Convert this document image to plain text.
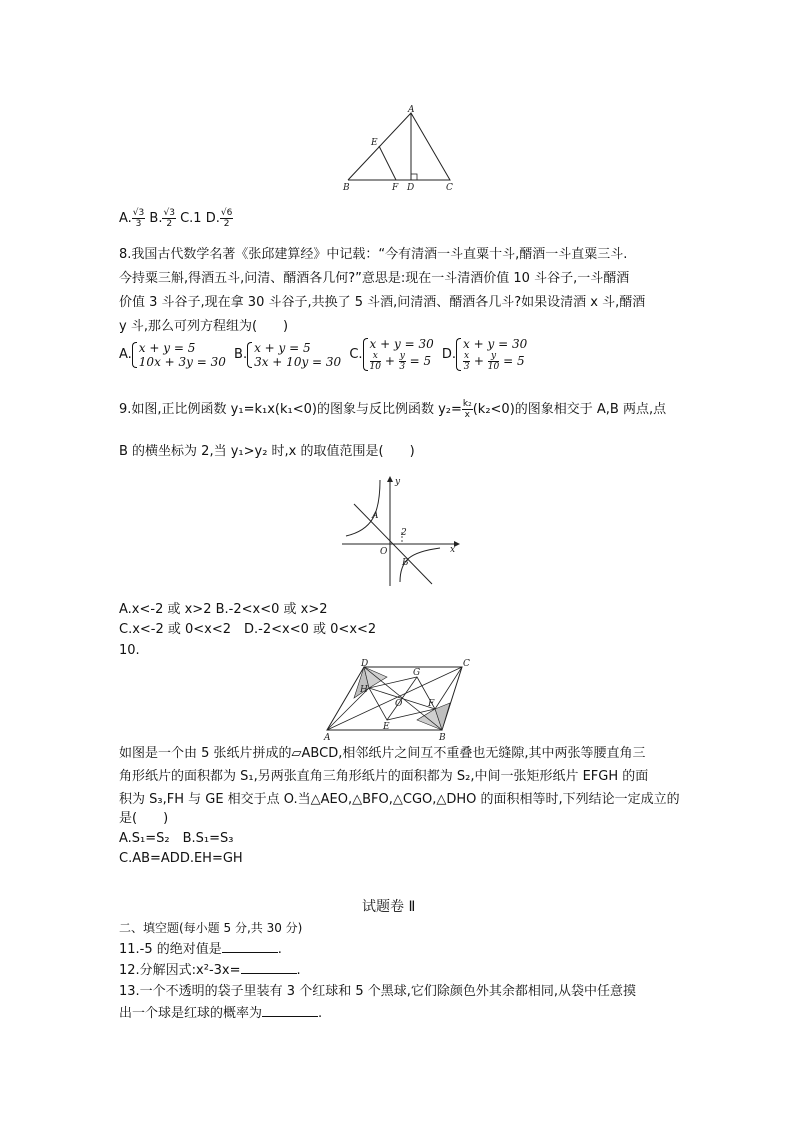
A
E
B	F D	C
A. $\frac{√3}{3} B$. $\frac{√3}{2} C.1$ D. $\frac{√6}{2}$
8.我国古代数学名著《张邱建算经》中记载：“今有清酒一斗直粟十斗,醑酒一斗直粟三斗.
今持粟三斛,得酒五斗,问清、醑酒各几何?”意思是:现在一斗清酒价值 10 斗谷子,一斗醑酒
价值 3 斗谷子,现在拿 30 斗谷子,共换了 5 斗酒,问清酒、醑酒各几斗?如果设清酒 x 斗,醑酒
y 斗,那么可列方程组为(　　)
A. x + y = 5
10x + 3y = 30 B. x + y = 5
3x + 10y = 30 C.x + y = 30

$\frac{x}{10} + \frac{y}{3} = 5$ D.x + y = 30

$\frac{x}{3} + \frac{y}{10} = 5$
9.如图,正比例函数 y₁=k₁x(k₁<0)的图象与反比例函数 $y_2= \frac{\text{k₂}}{x} (k_2<0)$的图象相交于 A,B 两点,点
B 的横坐标为 2,当 y₁>y₂ 时,x 的取值范围是(　　)
y
x
O
A
B
2
A.x<-2 或 x>2 B.-2<x<0 或 x>2
C.x<-2 或 0<x<2　D.-2<x<0 或 0<x<2
10.
D	C
G
H
O	F
E
A	B
如图是一个由 5 张纸片拼成的▱ABCD,相邻纸片之间互不重叠也无缝隙,其中两张等腰直角三
角形纸片的面积都为 S₁,另两张直角三角形纸片的面积都为 S₂,中间一张矩形纸片 EFGH 的面
积为 S₃,FH 与 GE 相交于点 O.当△AEO,△BFO,△CGO,△DHO 的面积相等时,下列结论一定成立的
是(　　)
A.S₁=S₂　B.S₁=S₃
C.AB=ADD.EH=GH
试题卷 Ⅱ
二、填空题(每小题 5 分,共 30 分)
11.-5 的绝对值是	.
12.分解因式:x²-3x=	.
13.一个不透明的袋子里装有 3 个红球和 5 个黑球,它们除颜色外其余都相同,从袋中任意摸
出一个球是红球的概率为	.
